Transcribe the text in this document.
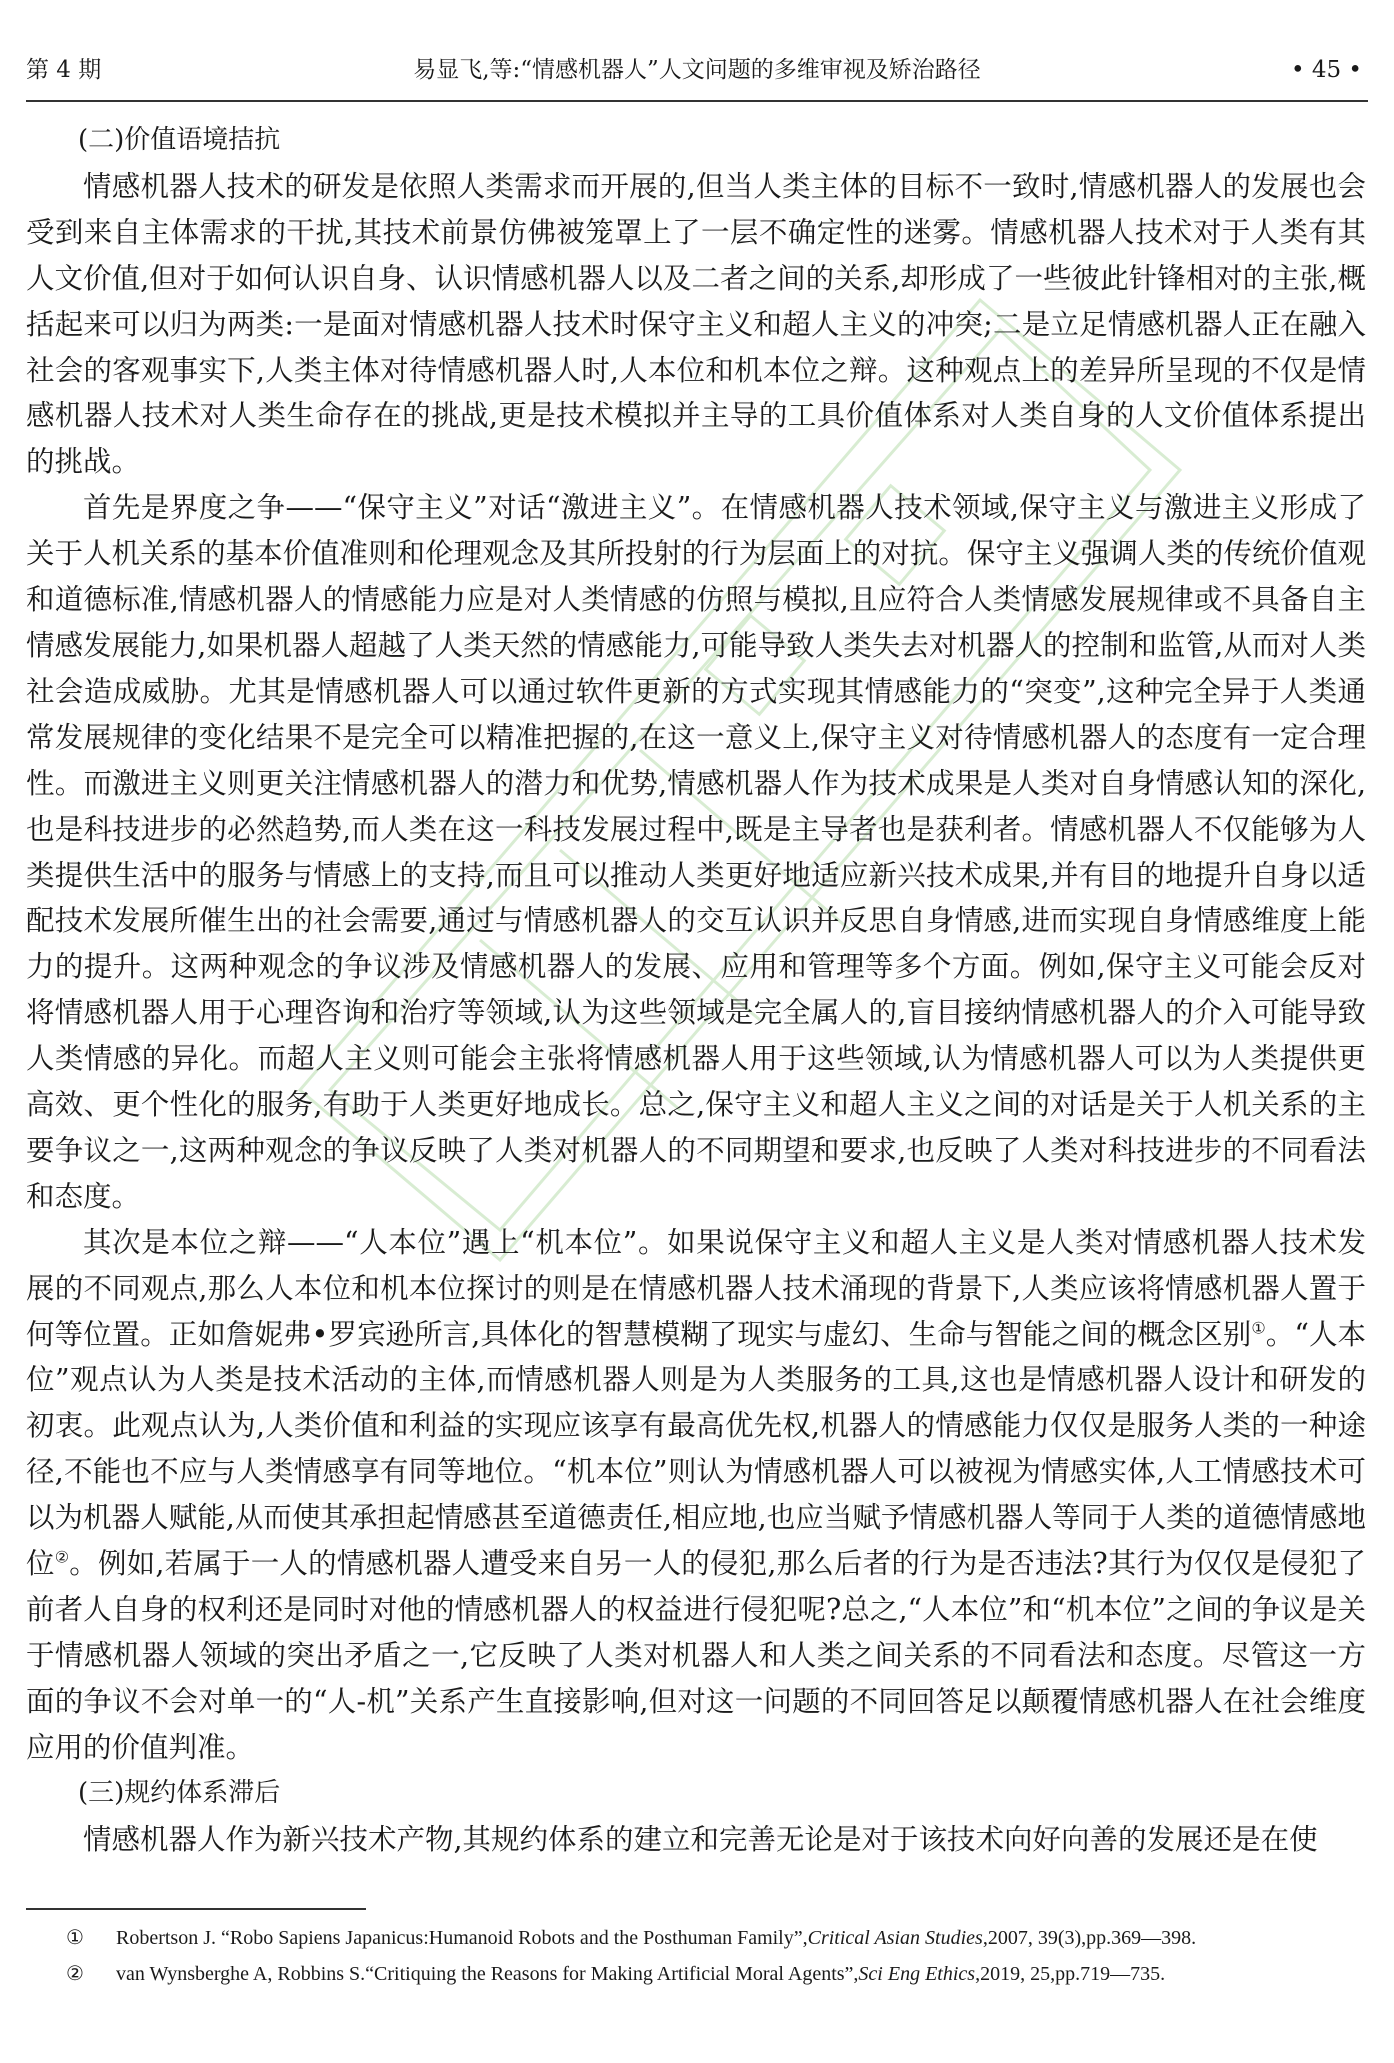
第 4 期	易显飞,等:“情感机器人”人文问题的多维审视及矫治路径	• 45 •
(二)价值语境拮抗

情感机器人技术的研发是依照人类需求而开展的,但当人类主体的目标不一致时,情感机器人的发展也会受到来自主体需求的干扰,其技术前景仿佛被笼罩上了一层不确定性的迷雾。情感机器人技术对于人类有其人文价值,但对于如何认识自身、认识情感机器人以及二者之间的关系,却形成了一些彼此针锋相对的主张,概括起来可以归为两类:一是面对情感机器人技术时保守主义和超人主义的冲突;二是立足情感机器人正在融入社会的客观事实下,人类主体对待情感机器人时,人本位和机本位之辩。这种观点上的差异所呈现的不仅是情感机器人技术对人类生命存在的挑战,更是技术模拟并主导的工具价值体系对人类自身的人文价值体系提出的挑战。

首先是界度之争——“保守主义”对话“激进主义”。在情感机器人技术领域,保守主义与激进主义形成了关于人机关系的基本价值准则和伦理观念及其所投射的行为层面上的对抗。保守主义强调人类的传统价值观和道德标准,情感机器人的情感能力应是对人类情感的仿照与模拟,且应符合人类情感发展规律或不具备自主情感发展能力,如果机器人超越了人类天然的情感能力,可能导致人类失去对机器人的控制和监管,从而对人类社会造成威胁。尤其是情感机器人可以通过软件更新的方式实现其情感能力的“突变”,这种完全异于人类通常发展规律的变化结果不是完全可以精准把握的,在这一意义上,保守主义对待情感机器人的态度有一定合理性。而激进主义则更关注情感机器人的潜力和优势,情感机器人作为技术成果是人类对自身情感认知的深化,也是科技进步的必然趋势,而人类在这一科技发展过程中,既是主导者也是获利者。情感机器人不仅能够为人类提供生活中的服务与情感上的支持,而且可以推动人类更好地适应新兴技术成果,并有目的地提升自身以适配技术发展所催生出的社会需要,通过与情感机器人的交互认识并反思自身情感,进而实现自身情感维度上能力的提升。这两种观念的争议涉及情感机器人的发展、应用和管理等多个方面。例如,保守主义可能会反对将情感机器人用于心理咨询和治疗等领域,认为这些领域是完全属人的,盲目接纳情感机器人的介入可能导致人类情感的异化。而超人主义则可能会主张将情感机器人用于这些领域,认为情感机器人可以为人类提供更高效、更个性化的服务,有助于人类更好地成长。总之,保守主义和超人主义之间的对话是关于人机关系的主要争议之一,这两种观念的争议反映了人类对机器人的不同期望和要求,也反映了人类对科技进步的不同看法和态度。

其次是本位之辩——“人本位”遇上“机本位”。如果说保守主义和超人主义是人类对情感机器人技术发展的不同观点,那么人本位和机本位探讨的则是在情感机器人技术涌现的背景下,人类应该将情感机器人置于何等位置。正如詹妮弗•罗宾逊所言,具体化的智慧模糊了现实与虚幻、生命与智能之间的概念区别①。“人本位”观点认为人类是技术活动的主体,而情感机器人则是为人类服务的工具,这也是情感机器人设计和研发的初衷。此观点认为,人类价值和利益的实现应该享有最高优先权,机器人的情感能力仅仅是服务人类的一种途径,不能也不应与人类情感享有同等地位。“机本位”则认为情感机器人可以被视为情感实体,人工情感技术可以为机器人赋能,从而使其承担起情感甚至道德责任,相应地,也应当赋予情感机器人等同于人类的道德情感地位②。例如,若属于一人的情感机器人遭受来自另一人的侵犯,那么后者的行为是否违法?其行为仅仅是侵犯了前者人自身的权利还是同时对他的情感机器人的权益进行侵犯呢?总之,“人本位”和“机本位”之间的争议是关于情感机器人领域的突出矛盾之一,它反映了人类对机器人和人类之间关系的不同看法和态度。尽管这一方面的争议不会对单一的“人-机”关系产生直接影响,但对这一问题的不同回答足以颠覆情感机器人在社会维度应用的价值判准。

(三)规约体系滞后

情感机器人作为新兴技术产物,其规约体系的建立和完善无论是对于该技术向好向善的发展还是在使

① Robertson J. “Robo Sapiens Japanicus:Humanoid Robots and the Posthuman Family”,Critical Asian Studies,2007, 39(3),pp.369—398.

② van Wynsberghe A, Robbins S.“Critiquing the Reasons for Making Artificial Moral Agents”,Sci Eng Ethics,2019, 25,pp.719—735.
